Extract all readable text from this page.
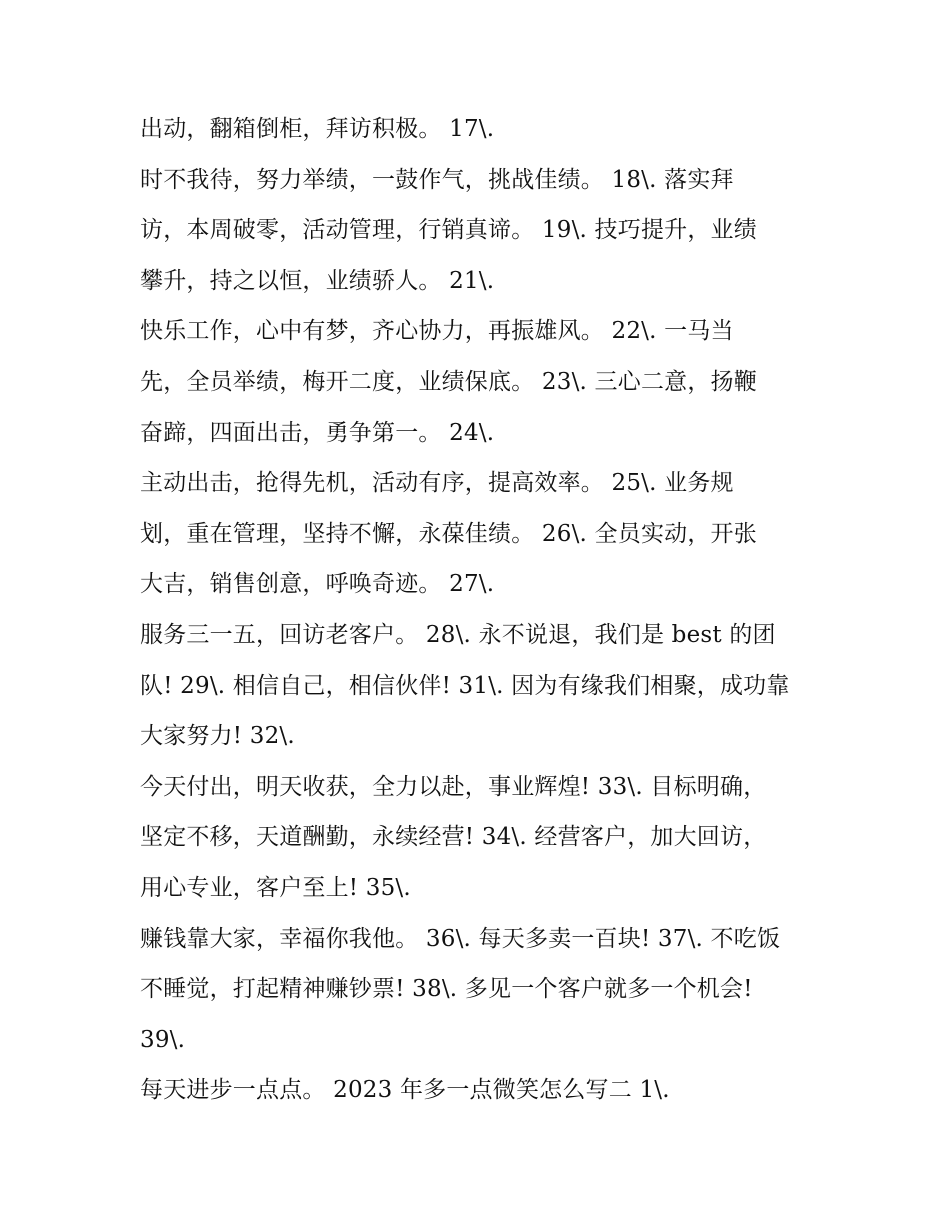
出动，翻箱倒柜，拜访积极。 17\.
时不我待，努力举绩，一鼓作气，挑战佳绩。 18\. 落实拜
访，本周破零，活动管理，行销真谛。 19\. 技巧提升，业绩
攀升，持之以恒，业绩骄人。 21\.
快乐工作，心中有梦，齐心协力，再振雄风。 22\. 一马当
先，全员举绩，梅开二度，业绩保底。 23\. 三心二意，扬鞭
奋蹄，四面出击，勇争第一。 24\.
主动出击，抢得先机，活动有序，提高效率。 25\. 业务规
划，重在管理，坚持不懈，永葆佳绩。 26\. 全员实动，开张
大吉，销售创意，呼唤奇迹。 27\.
服务三一五，回访老客户。 28\. 永不说退，我们是 best 的团
队! 29\. 相信自己，相信伙伴! 31\. 因为有缘我们相聚，成功靠
大家努力! 32\.
今天付出，明天收获，全力以赴，事业辉煌! 33\. 目标明确，
坚定不移，天道酬勤，永续经营! 34\. 经营客户，加大回访，
用心专业，客户至上! 35\.
赚钱靠大家，幸福你我他。 36\. 每天多卖一百块! 37\. 不吃饭
不睡觉，打起精神赚钞票! 38\. 多见一个客户就多一个机会!
39\.
每天进步一点点。 2023 年多一点微笑怎么写二 1\.
